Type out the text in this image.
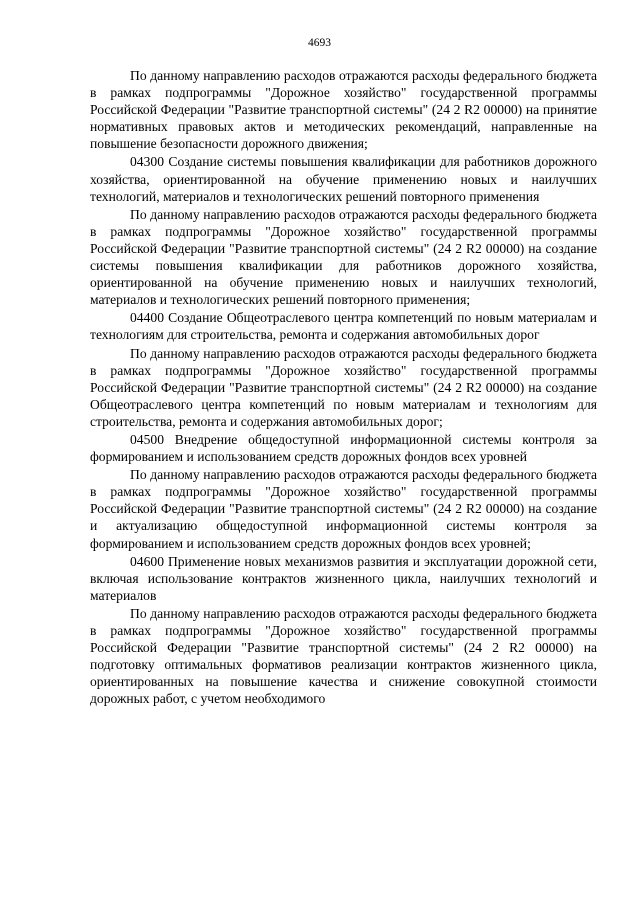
4693

По данному направлению расходов отражаются расходы федерального бюджета в рамках подпрограммы "Дорожное хозяйство" государственной программы Российской Федерации "Развитие транспортной системы" (24 2 R2 00000) на принятие нормативных правовых актов и методических рекомендаций, направленные на повышение безопасности дорожного движения;

04300 Создание системы повышения квалификации для работников дорожного хозяйства, ориентированной на обучение применению новых и наилучших технологий, материалов и технологических решений повторного применения

По данному направлению расходов отражаются расходы федерального бюджета в рамках подпрограммы "Дорожное хозяйство" государственной программы Российской Федерации "Развитие транспортной системы" (24 2 R2 00000) на создание системы повышения квалификации для работников дорожного хозяйства, ориентированной на обучение применению новых и наилучших технологий, материалов и технологических решений повторного применения;

04400 Создание Общеотраслевого центра компетенций по новым материалам и технологиям для строительства, ремонта и содержания автомобильных дорог

По данному направлению расходов отражаются расходы федерального бюджета в рамках подпрограммы "Дорожное хозяйство" государственной программы Российской Федерации "Развитие транспортной системы" (24 2 R2 00000) на создание Общеотраслевого центра компетенций по новым материалам и технологиям для строительства, ремонта и содержания автомобильных дорог;

04500 Внедрение общедоступной информационной системы контроля за формированием и использованием средств дорожных фондов всех уровней

По данному направлению расходов отражаются расходы федерального бюджета в рамках подпрограммы "Дорожное хозяйство" государственной программы Российской Федерации "Развитие транспортной системы" (24 2 R2 00000) на создание и актуализацию общедоступной информационной системы контроля за формированием и использованием средств дорожных фондов всех уровней;

04600 Применение новых механизмов развития и эксплуатации дорожной сети, включая использование контрактов жизненного цикла, наилучших технологий и материалов

По данному направлению расходов отражаются расходы федерального бюджета в рамках подпрограммы "Дорожное хозяйство" государственной программы Российской Федерации "Развитие транспортной системы" (24 2 R2 00000) на подготовку оптимальных формативов реализации контрактов жизненного цикла, ориентированных на повышение качества и снижение совокупной стоимости дорожных работ, с учетом необходимого
